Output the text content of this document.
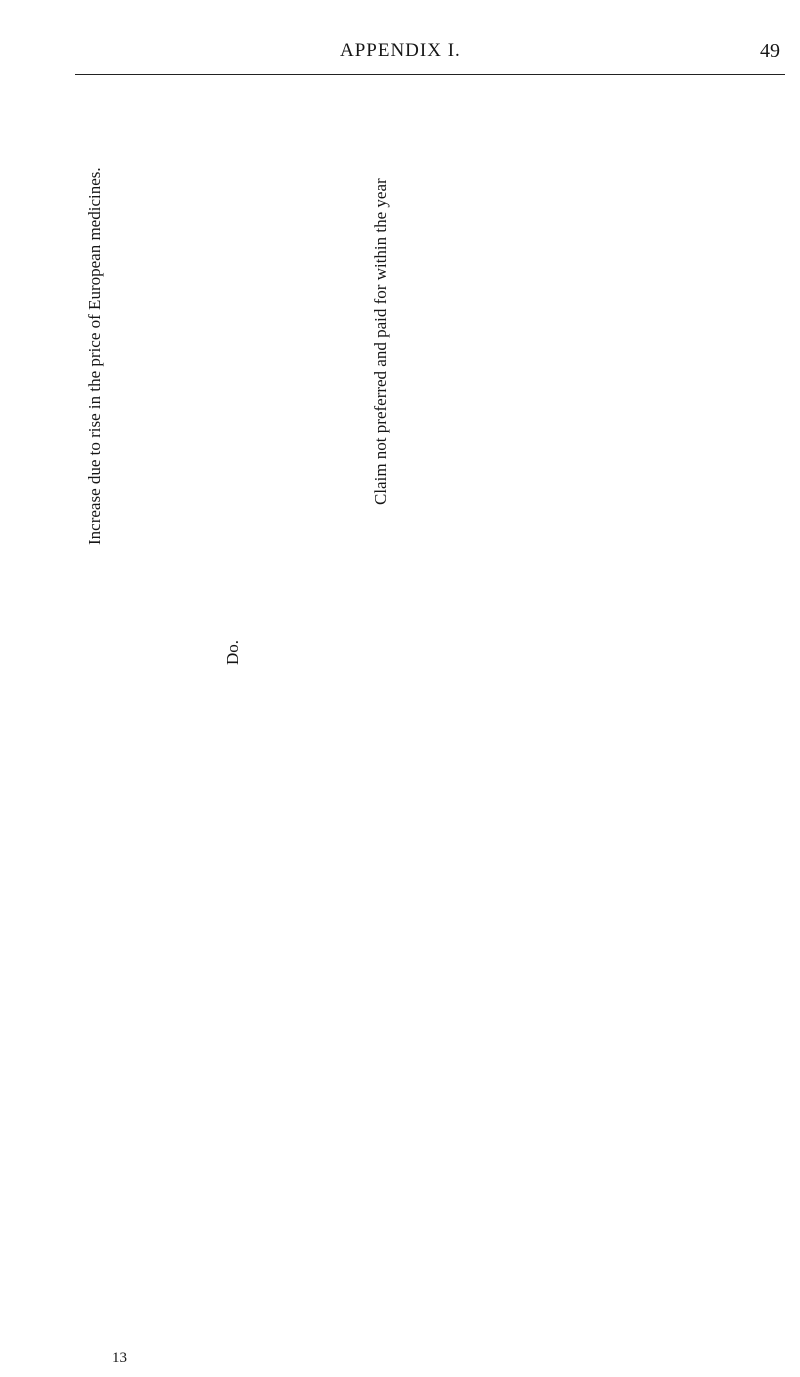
APPENDIX I.	49
13
Increase due to rise in the price of European medicines.
Do.
Claim not preferred and paid for within the year
